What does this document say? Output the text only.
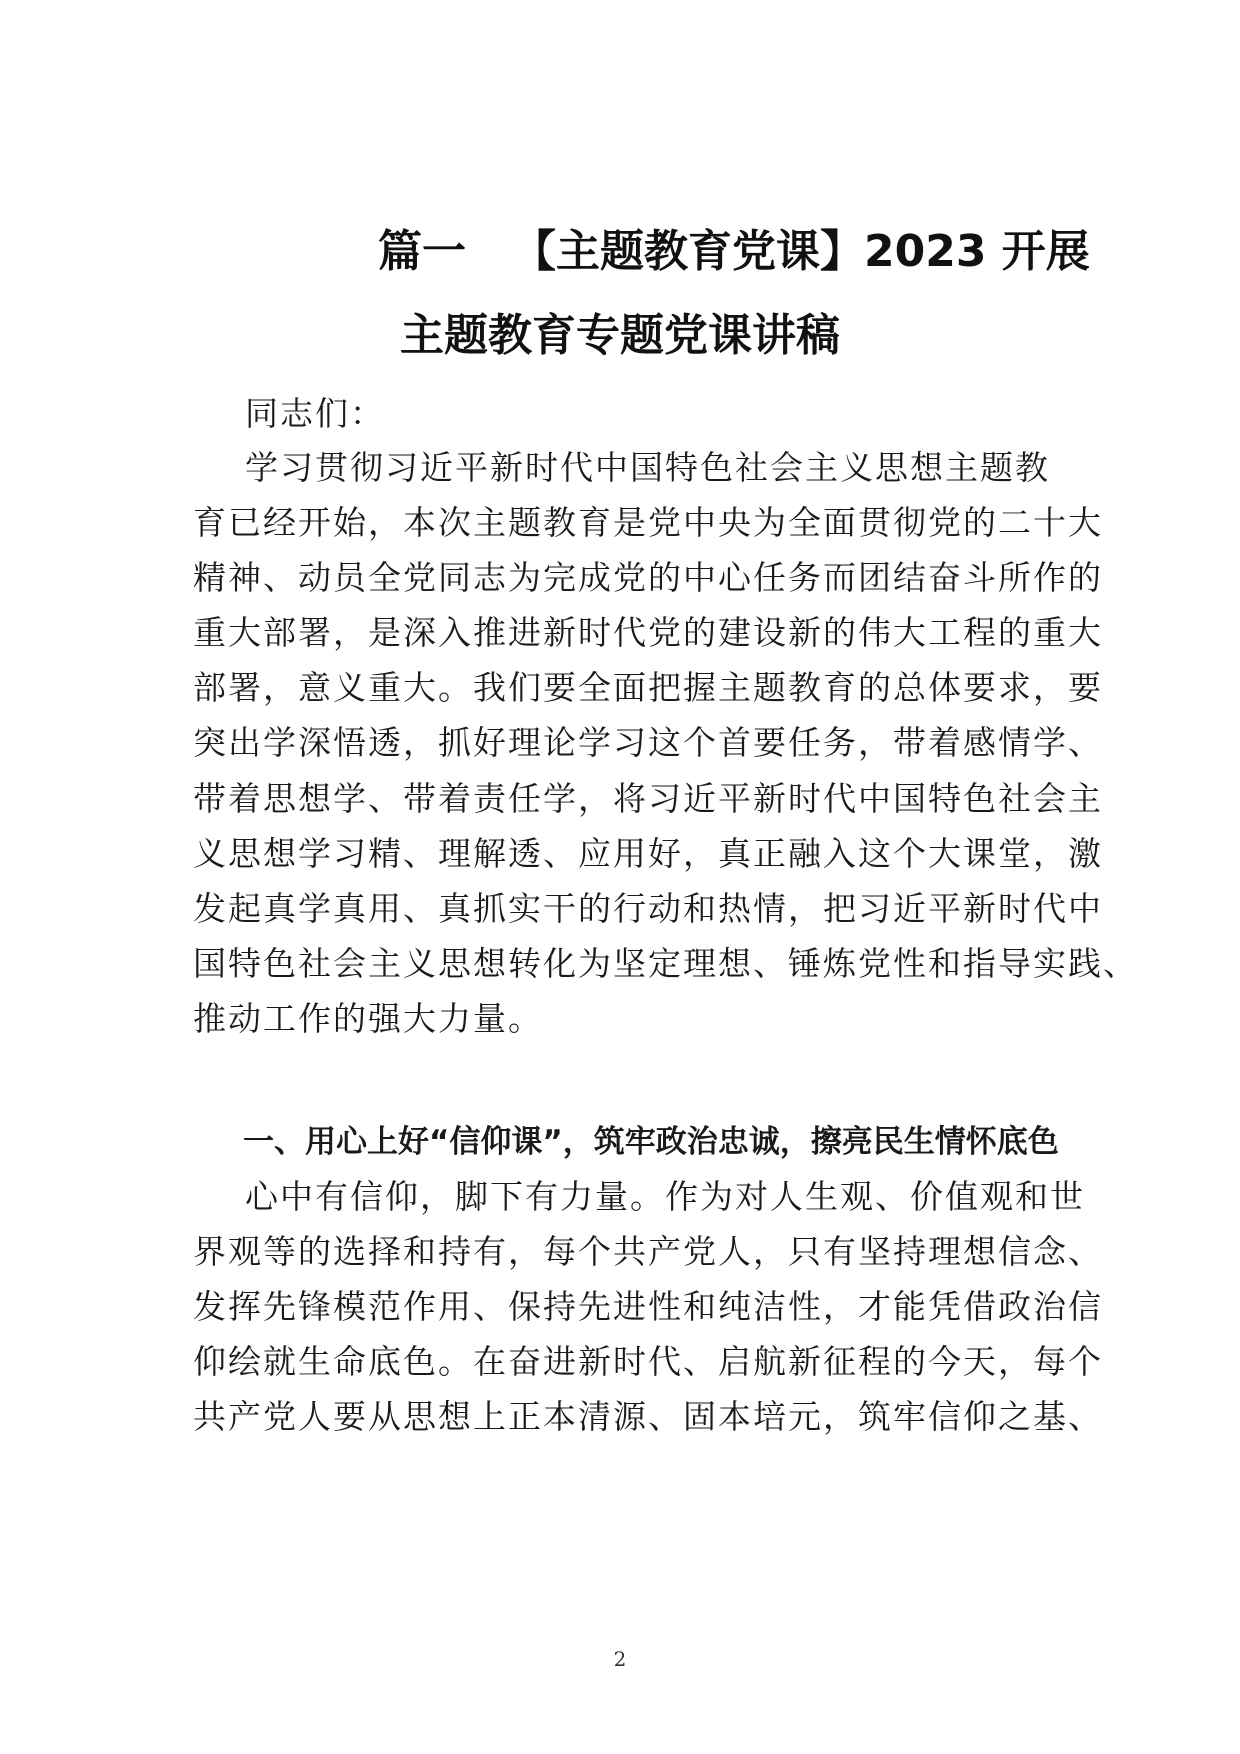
篇一 【主题教育党课】2023 开展
主题教育专题党课讲稿

同志们：

学习贯彻习近平新时代中国特色社会主义思想主题教

育已经开始，本次主题教育是党中央为全面贯彻党的二十大

精神、动员全党同志为完成党的中心任务而团结奋斗所作的

重大部署，是深入推进新时代党的建设新的伟大工程的重大

部署，意义重大。我们要全面把握主题教育的总体要求，要

突出学深悟透，抓好理论学习这个首要任务，带着感情学、

带着思想学、带着责任学，将习近平新时代中国特色社会主

义思想学习精、理解透、应用好，真正融入这个大课堂，激

发起真学真用、真抓实干的行动和热情，把习近平新时代中

国特色社会主义思想转化为坚定理想、锤炼党性和指导实践、

推动工作的强大力量。

一、用心上好“信仰课”，筑牢政治忠诚，擦亮民生情怀底色

心中有信仰，脚下有力量。作为对人生观、价值观和世

界观等的选择和持有，每个共产党人，只有坚持理想信念、

发挥先锋模范作用、保持先进性和纯洁性，才能凭借政治信

仰绘就生命底色。在奋进新时代、启航新征程的今天，每个

共产党人要从思想上正本清源、固本培元，筑牢信仰之基、

2
